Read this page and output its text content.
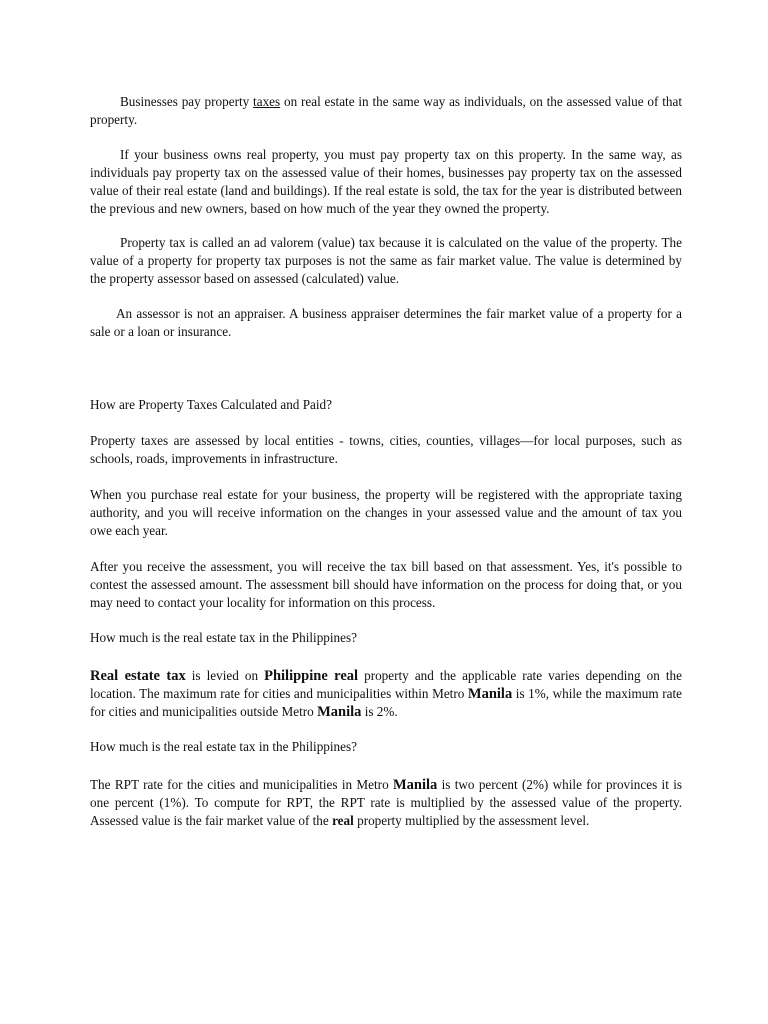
Businesses pay property taxes on real estate in the same way as individuals, on the assessed value of that property.

If your business owns real property, you must pay property tax on this property. In the same way, as individuals pay property tax on the assessed value of their homes, businesses pay property tax on the assessed value of their real estate (land and buildings). If the real estate is sold, the tax for the year is distributed between the previous and new owners, based on how much of the year they owned the property.

Property tax is called an ad valorem (value) tax because it is calculated on the value of the property. The value of a property for property tax purposes is not the same as fair market value. The value is determined by the property assessor based on assessed (calculated) value.

An assessor is not an appraiser. A business appraiser determines the fair market value of a property for a sale or a loan or insurance.

How are Property Taxes Calculated and Paid?

Property taxes are assessed by local entities - towns, cities, counties, villages—for local purposes, such as schools, roads, improvements in infrastructure.

When you purchase real estate for your business, the property will be registered with the appropriate taxing authority, and you will receive information on the changes in your assessed value and the amount of tax you owe each year.

After you receive the assessment, you will receive the tax bill based on that assessment. Yes, it's possible to contest the assessed amount. The assessment bill should have information on the process for doing that, or you may need to contact your locality for information on this process.

How much is the real estate tax in the Philippines?

Real estate tax is levied on Philippine real property and the applicable rate varies depending on the location. The maximum rate for cities and municipalities within Metro Manila is 1%, while the maximum rate for cities and municipalities outside Metro Manila is 2%.

How much is the real estate tax in the Philippines?

The RPT rate for the cities and municipalities in Metro Manila is two percent (2%) while for provinces it is one percent (1%). To compute for RPT, the RPT rate is multiplied by the assessed value of the property. Assessed value is the fair market value of the real property multiplied by the assessment level.
